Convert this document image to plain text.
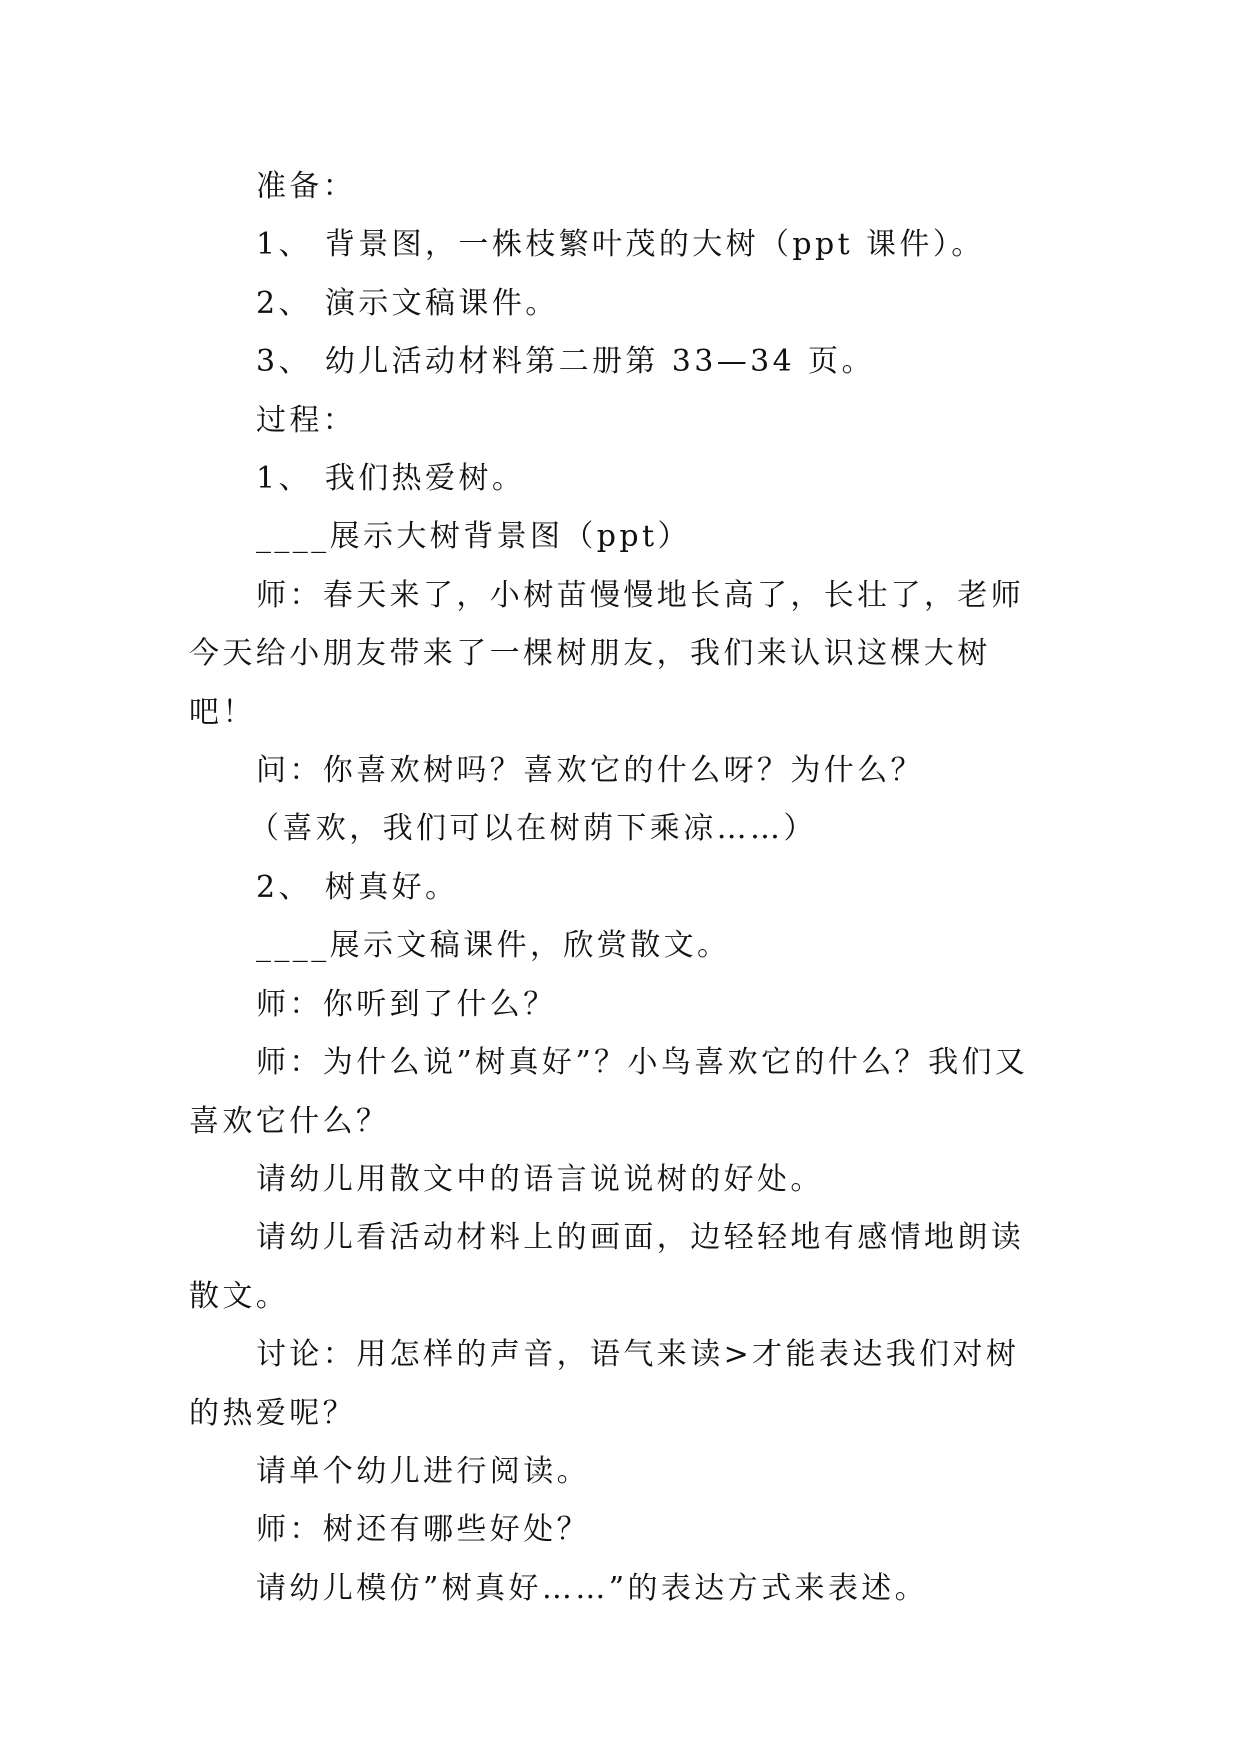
准备：

1、 背景图，一株枝繁叶茂的大树（ppt 课件）。

2、 演示文稿课件。

3、 幼儿活动材料第二册第 33—34 页。

过程：

1、 我们热爱树。

____展示大树背景图（ppt）

师：春天来了，小树苗慢慢地长高了，长壮了，老师今天给小朋友带来了一棵树朋友，我们来认识这棵大树吧！

问：你喜欢树吗？喜欢它的什么呀？为什么？

（喜欢，我们可以在树荫下乘凉……）

2、 树真好。

____展示文稿课件，欣赏散文。

师：你听到了什么？

师：为什么说”树真好”？小鸟喜欢它的什么？我们又喜欢它什么？

请幼儿用散文中的语言说说树的好处。

请幼儿看活动材料上的画面，边轻轻地有感情地朗读散文。

讨论：用怎样的声音，语气来读>才能表达我们对树的热爱呢？

请单个幼儿进行阅读。

师：树还有哪些好处？

请幼儿模仿”树真好……”的表达方式来表述。
